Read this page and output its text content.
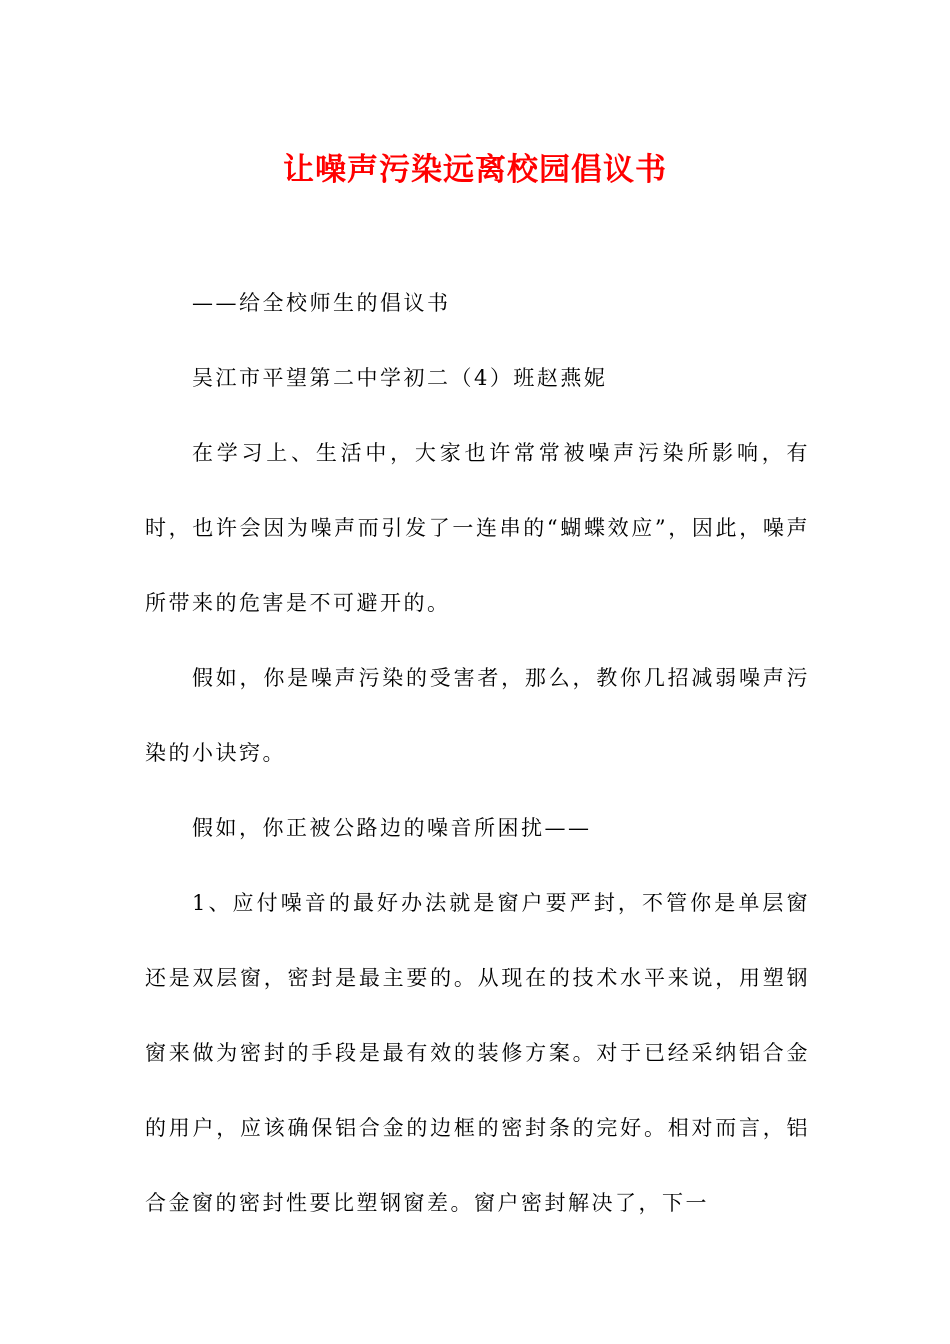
让噪声污染远离校园倡议书

——给全校师生的倡议书

吴江市平望第二中学初二（4）班赵燕妮

在学习上、生活中，大家也许常常被噪声污染所影响，有时，也许会因为噪声而引发了一连串的“蝴蝶效应”，因此，噪声所带来的危害是不可避开的。

假如，你是噪声污染的受害者，那么，教你几招减弱噪声污染的小诀窍。

假如，你正被公路边的噪音所困扰——

1、应付噪音的最好办法就是窗户要严封，不管你是单层窗还是双层窗，密封是最主要的。从现在的技术水平来说，用塑钢窗来做为密封的手段是最有效的装修方案。对于已经采纳铝合金的用户，应该确保铝合金的边框的密封条的完好。相对而言，铝合金窗的密封性要比塑钢窗差。窗户密封解决了，下一
